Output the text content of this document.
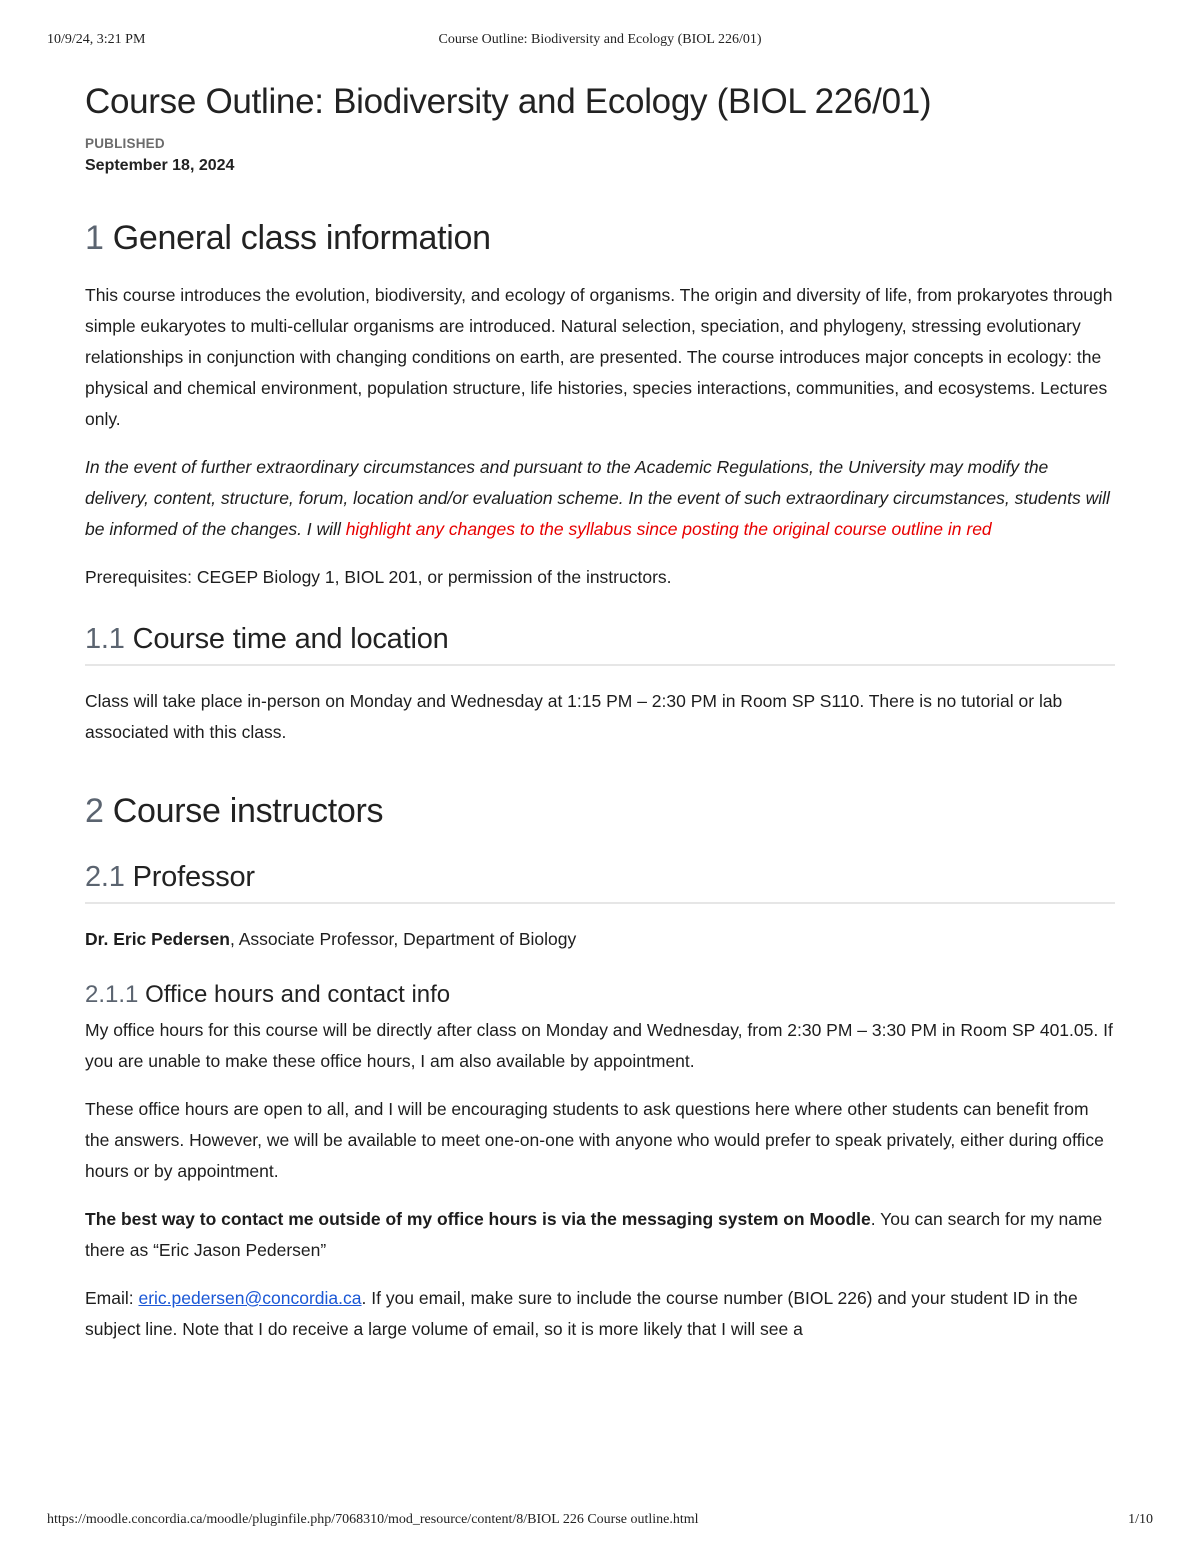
10/9/24, 3:21 PM	Course Outline: Biodiversity and Ecology (BIOL 226/01)
Course Outline: Biodiversity and Ecology (BIOL 226/01)
PUBLISHED
September 18, 2024
1 General class information

This course introduces the evolution, biodiversity, and ecology of organisms. The origin and diversity of life, from prokaryotes through simple eukaryotes to multi-cellular organisms are introduced. Natural selection, speciation, and phylogeny, stressing evolutionary relationships in conjunction with changing conditions on earth, are presented. The course introduces major concepts in ecology: the physical and chemical environment, population structure, life histories, species interactions, communities, and ecosystems. Lectures only.

In the event of further extraordinary circumstances and pursuant to the Academic Regulations, the University may modify the delivery, content, structure, forum, location and/or evaluation scheme. In the event of such extraordinary circumstances, students will be informed of the changes. I will highlight any changes to the syllabus since posting the original course outline in red

Prerequisites: CEGEP Biology 1, BIOL 201, or permission of the instructors.

1.1 Course time and location

Class will take place in-person on Monday and Wednesday at 1:15 PM – 2:30 PM in Room SP S110. There is no tutorial or lab associated with this class.

2 Course instructors
2.1 Professor

Dr. Eric Pedersen, Associate Professor, Department of Biology

2.1.1 Office hours and contact info

My office hours for this course will be directly after class on Monday and Wednesday, from 2:30 PM – 3:30 PM in Room SP 401.05. If you are unable to make these office hours, I am also available by appointment.

These office hours are open to all, and I will be encouraging students to ask questions here where other students can benefit from the answers. However, we will be available to meet one-on-one with anyone who would prefer to speak privately, either during office hours or by appointment.

The best way to contact me outside of my office hours is via the messaging system on Moodle. You can search for my name there as “Eric Jason Pedersen”

Email: eric.pedersen@concordia.ca. If you email, make sure to include the course number (BIOL 226) and your student ID in the subject line. Note that I do receive a large volume of email, so it is more likely that I will see a

https://moodle.concordia.ca/moodle/pluginfile.php/7068310/mod_resource/content/8/BIOL 226 Course outline.html	1/10
